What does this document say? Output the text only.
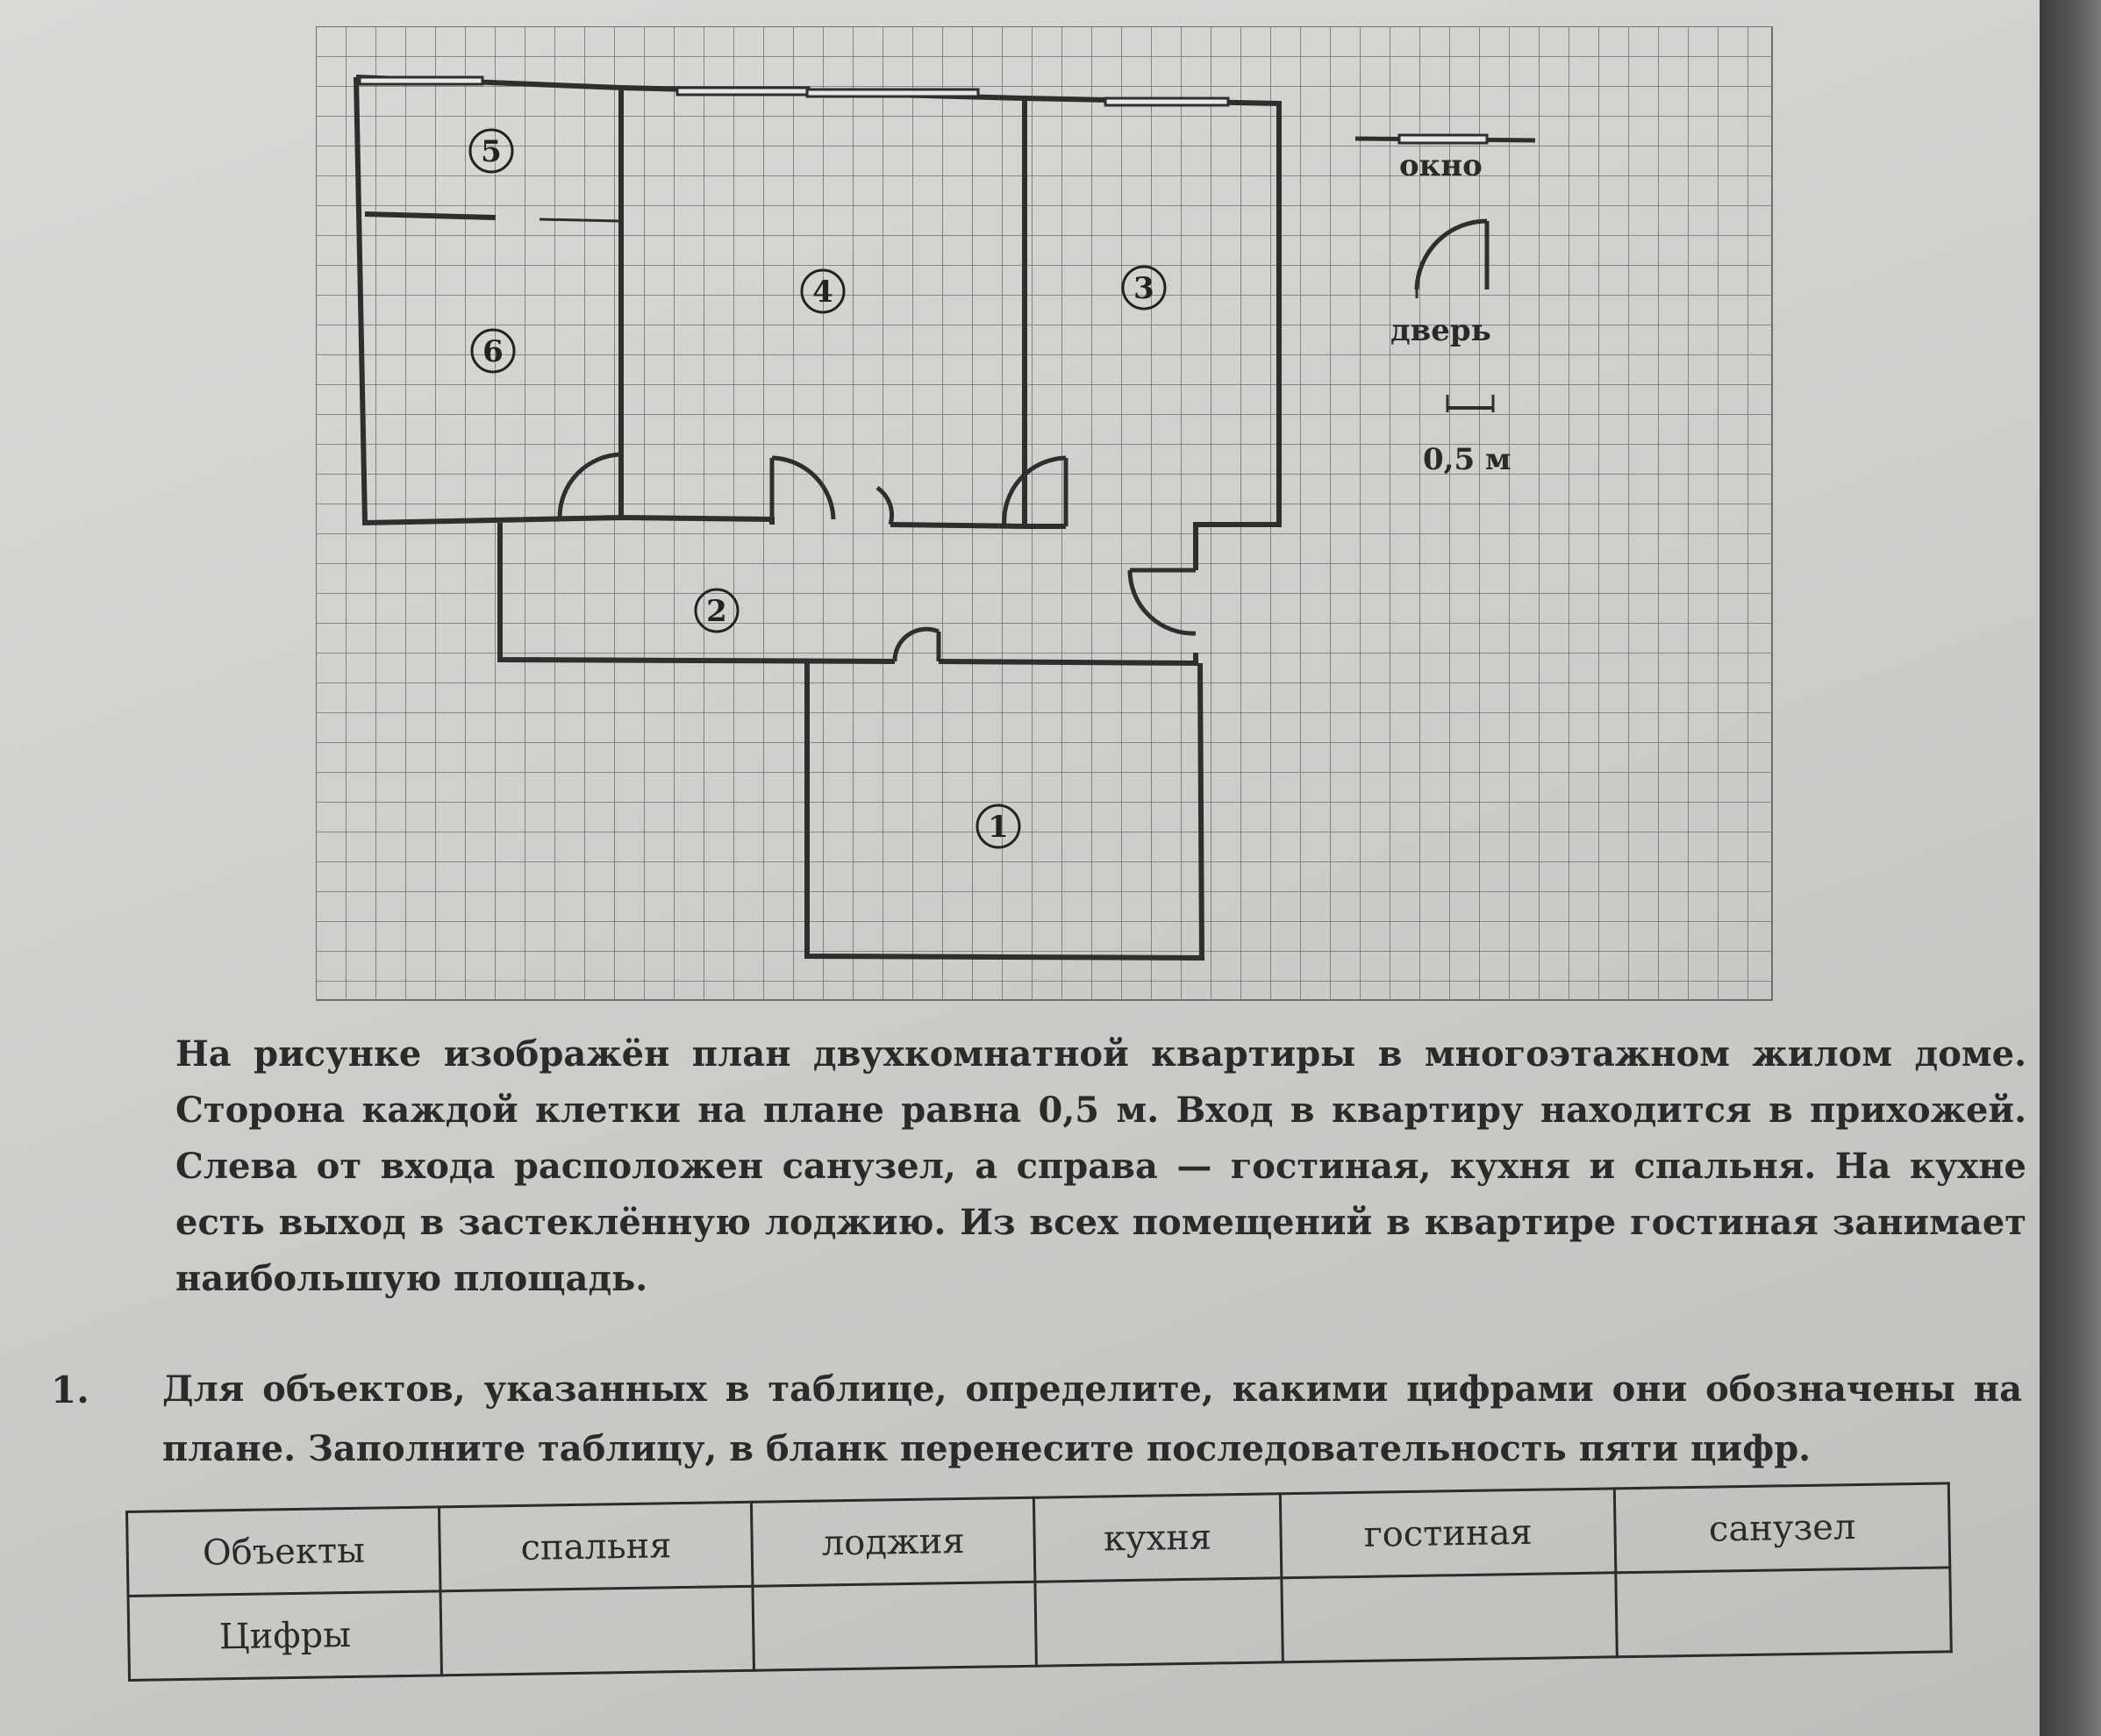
окно
дверь
0,5 м
5
6
4	3
2
1
На рисунке изображён план двухкомнатной квартиры в многоэтажном жилом доме. Сторона каждой клетки на плане равна 0,5 м. Вход в квартиру находится в прихожей. Слева от входа расположен санузел, а справа — гостиная, кухня и спальня. На кухне есть выход в застеклённую лоджию. Из всех помещений в квартире гостиная занимает наибольшую площадь.
1. Для объектов, указанных в таблице, определите, какими цифрами они обозначены на плане. Заполните таблицу, в бланк перенесите последовательность пяти цифр.
Объекты	спальня	лоджия	кухня	гостиная	санузел
Цифры					
